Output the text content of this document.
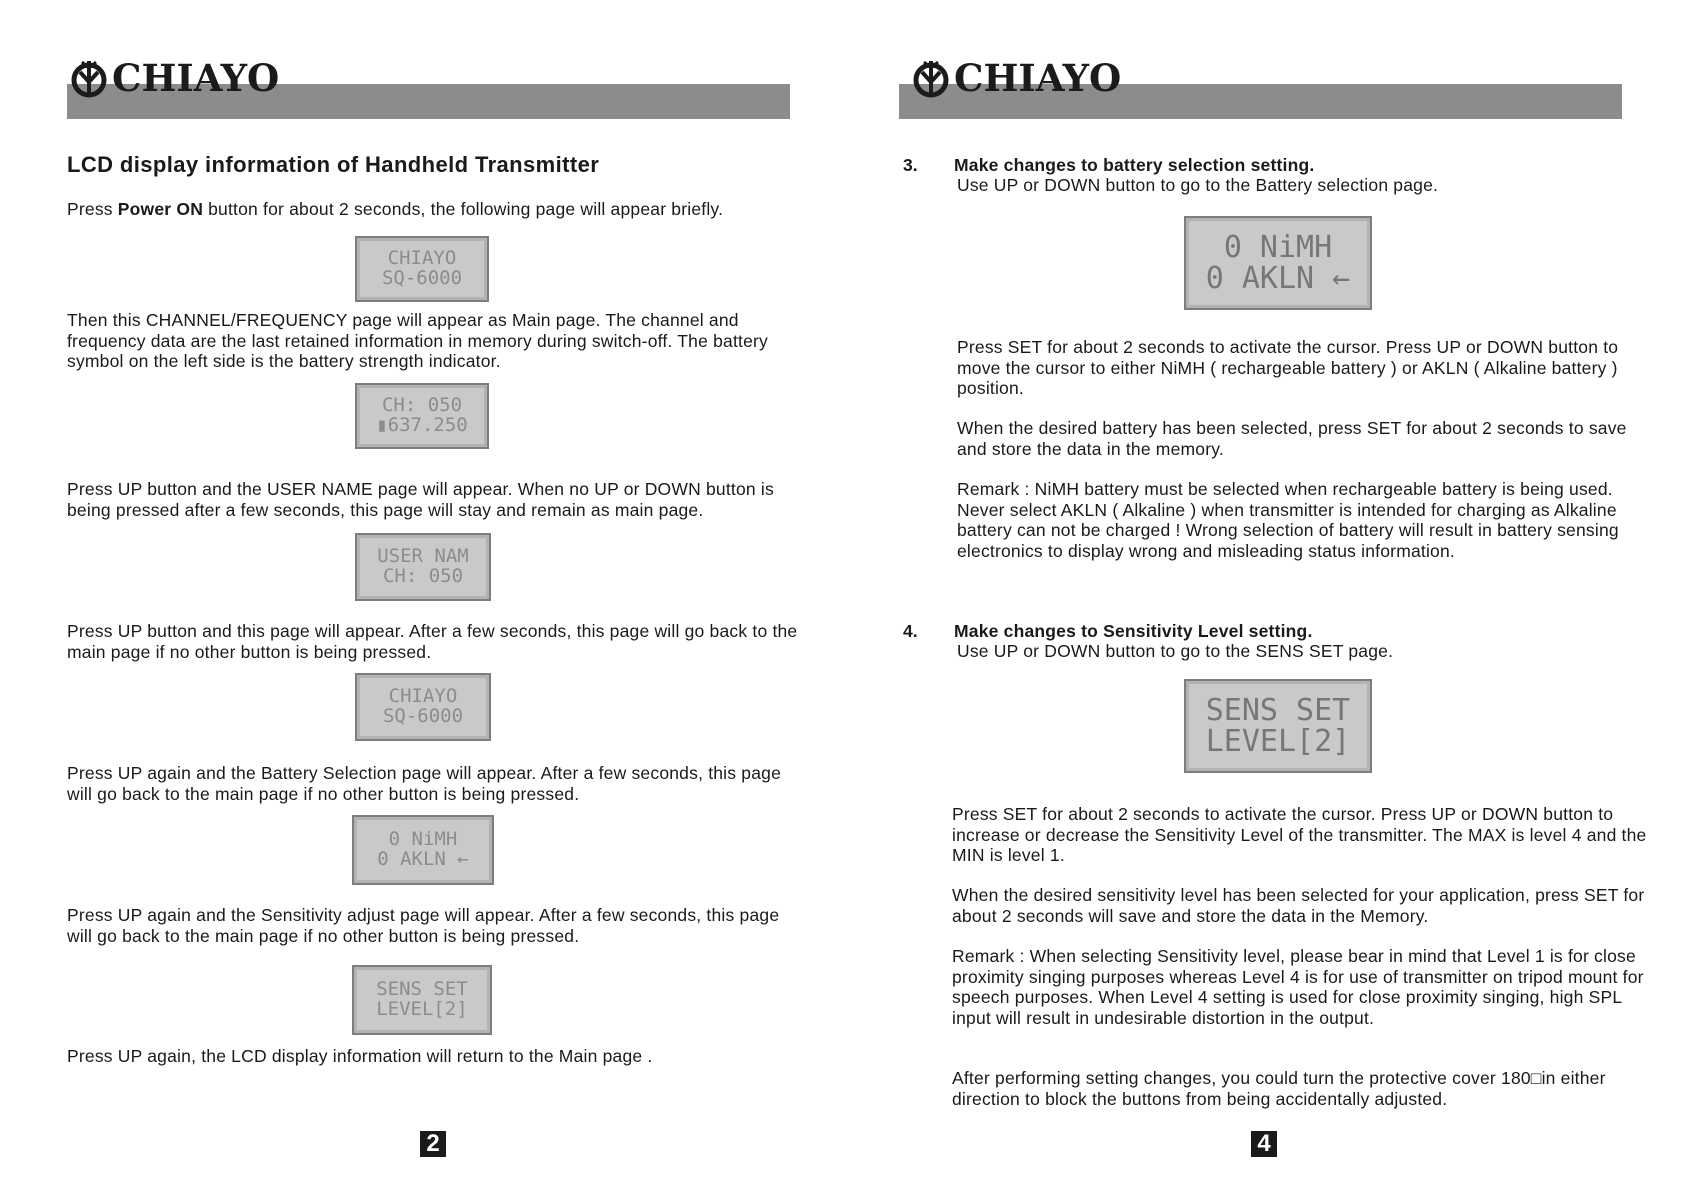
CHIAYO
LCD display information of Handheld Transmitter
Press Power ON button for about 2 seconds, the following page will appear briefly.
CHIAYO
SQ-6000
Then this CHANNEL/FREQUENCY page will appear as Main page. The channel and frequency data are the last retained information in memory during switch-off. The battery symbol on the left side is the battery strength indicator.
CH: 050
▮637.250
Press UP button and the USER NAME page will appear. When no UP or DOWN button is being pressed after a few seconds, this page will stay and remain as main page.
USER NAM
CH: 050
Press UP button and this page will appear. After a few seconds, this page will go back to the main page if no other button is being pressed.
CHIAYO
SQ-6000
Press UP again and the Battery Selection page will appear. After a few seconds, this page will go back to the main page if no other button is being pressed.
0 NiMH
0 AKLN ←
Press UP again and the Sensitivity adjust page will appear. After a few seconds, this page will go back to the main page if no other button is being pressed.
SENS SET
LEVEL[2]
Press UP again, the LCD display information will return to the Main page .
2
CHIAYO
3. Make changes to battery selection setting.
Use UP or DOWN button to go to the Battery selection page.
0 NiMH
0 AKLN ←
Press SET for about 2 seconds to activate the cursor. Press UP or DOWN button to move the cursor to either NiMH ( rechargeable battery ) or AKLN ( Alkaline battery ) position.
When the desired battery has been selected, press SET for about 2 seconds to save and store the data in the memory.
Remark : NiMH battery must be selected when rechargeable battery is being used. Never select AKLN ( Alkaline ) when transmitter is intended for charging as Alkaline battery can not be charged ! Wrong selection of battery will result in battery sensing electronics to display wrong and misleading status information.
4. Make changes to Sensitivity Level setting.
Use UP or DOWN button to go to the SENS SET page.
SENS SET
LEVEL[2]
Press SET for about 2 seconds to activate the cursor. Press UP or DOWN button to increase or decrease the Sensitivity Level of the transmitter. The MAX is level 4 and the MIN is level 1.
When the desired sensitivity level has been selected for your application, press SET for about 2 seconds will save and store the data in the Memory.
Remark : When selecting Sensitivity level, please bear in mind that Level 1 is for close proximity singing purposes whereas Level 4 is for use of transmitter on tripod mount for speech purposes. When Level 4 setting is used for close proximity singing, high SPL input will result in undesirable distortion in the output.
After performing setting changes, you could turn the protective cover 180□in either direction to block the buttons from being accidentally adjusted.
4
